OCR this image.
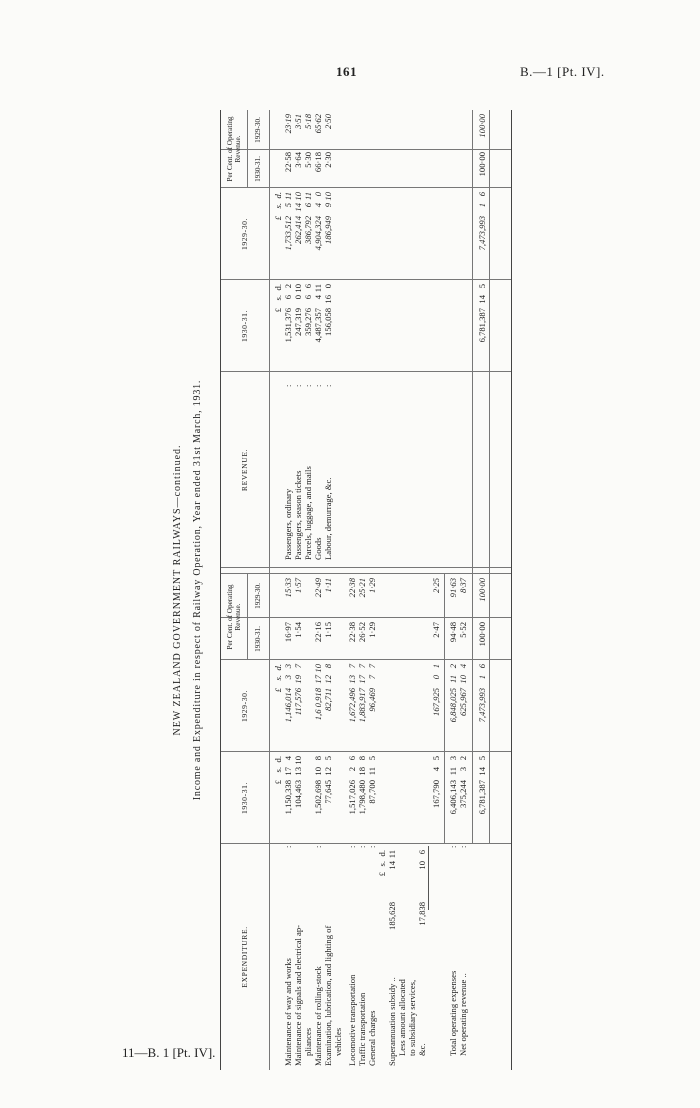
161	B.—1 [Pt. IV].
11—B. 1 [Pt. IV].
NEW ZEALAND GOVERNMENT RAILWAYS—continued. Income and Expenditure in respect of Railway Operation, Year ended 31st March, 1931.
EXPENDITURE.
1930-31.
1929-30.
Per Cent. of Operating Revenue.
1930-31.
1929-30.
REVENUE.
1930-31.
1929-30.
Per Cent. of Operating Revenue.
1930-31.
1929-30.
£
s.
d.
£
s.
d.
£
s.
d.
£
s.
d.
Maintenance of way and works
:
1,150,338
17
4
1,146,014
3
3
16·97
15·33
Maintenance of signals and electrical ap-
104,463
13
10
117,576
19
7
1·54
1·57
pliances Maintenance of rolling-stock
:
1,502,698
10
8
1,6 0,918
17
10
22·16
22·49
Examination, lubrication, and lighting of
77,645
12
5
82,711
12
8
1·15
1·11
vehicles Locomotive transportation
:
1,517,026
2
6
1,672,496
13
7
22·38
22·38
Traffic transportation
:
1,798,480
18
8
1,883,917
17
7
26·52
25·21
General charges
:
87,700
11
5
96,469
7
7
1·29
1·29
£
s.
d.
Superannuation subsidy ..
185,628
14
11
Less amount allocated to subsidiary services, &c.
17,838
10
6
167,790
4
5
167,925
0
1
2·47
2·25
Total operating expenses
:
6,406,143
11
3
6,848,025
11
2
94·48
91·63
Net operating revenue ..
:
375,244
3
2
625,967
10
4
5·52
8·37
6,781,387
14
5
7,473,993
1
6
100·00
100·00
6,781,387
14
5
7,473,993
1
6
100·00
100·00
Passengers, ordinary
:
1,531,376
6
2
1,733,512
5
11
22·58
23·19
Passengers, season tickets
:
247,319
0
10
262,414
14
10
3·64
3·51
Parcels, luggage, and mails
:
359,276
6
6
386,792
6
11
5·30
5·18
Goods
:
4,487,357
4
11
4,904,324
4
0
66·18
65·62
Labour, demurrage, &c.
:
156,058
16
0
186,949
9
10
2·30
2·50
